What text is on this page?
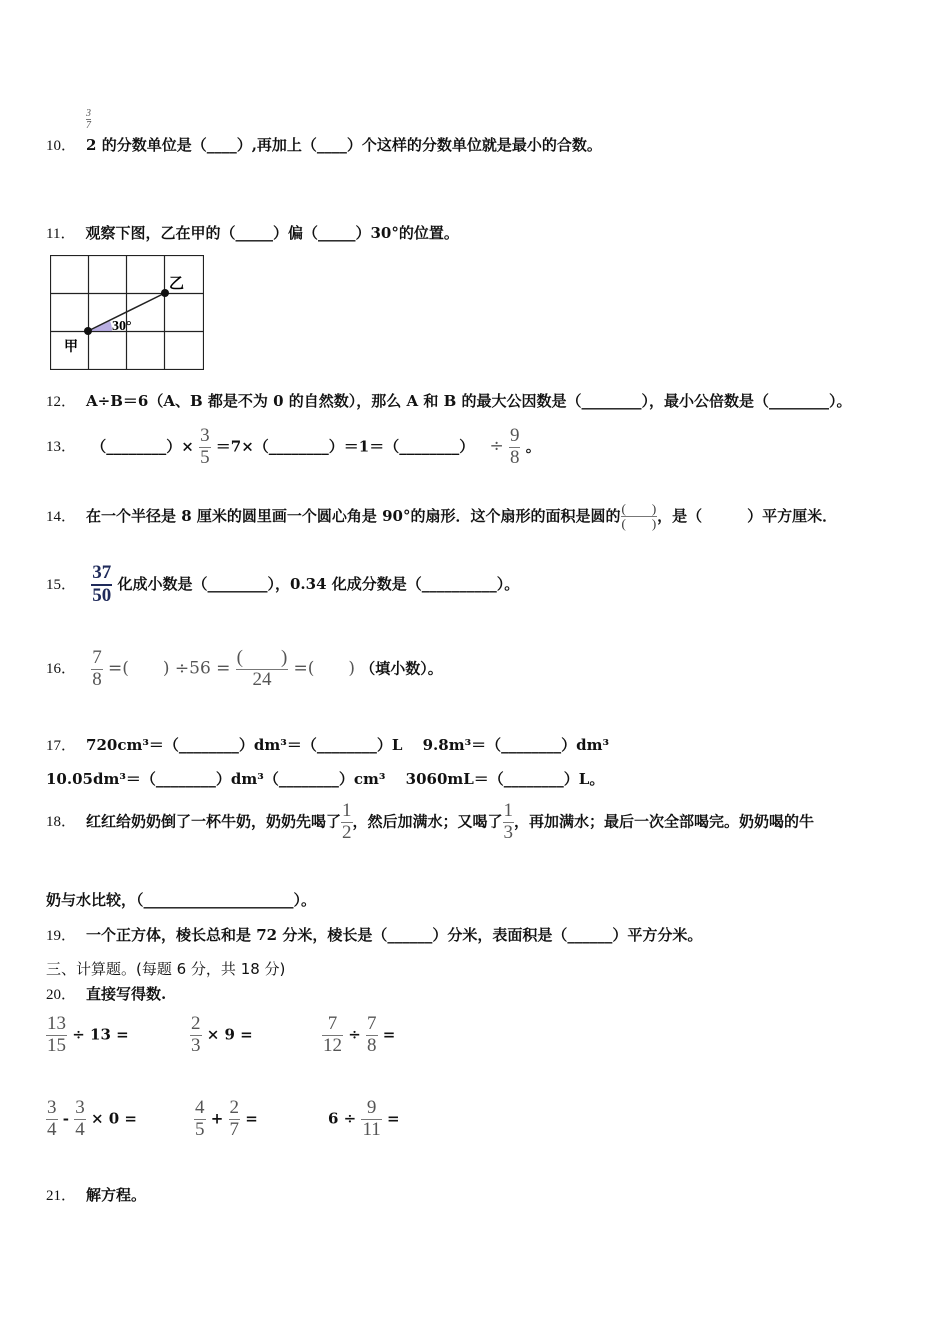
$\frac{3}{7}$
10． 2 的分数单位是（____）,再加上（____）个这样的分数单位就是最小的合数。
11． 观察下图，乙在甲的（_____）偏（_____）30°的位置。
乙
甲
30°
12． A÷B＝6（A、B 都是不为 0 的自然数），那么 A 和 B 的最大公因数是（________），最小公倍数是（________）。
13． （________）× $\frac{3}{5}$ ＝7×（________）＝1＝（________） ÷ $\frac{9}{8}$ 。
14． 在一个半径是 8 厘米的圆里画一个圆心角是 90°的扇形．这个扇形的面积是圆的 $\frac{( )}{( )}$ ，是（　　　）平方厘米．
15． $\frac{37}{50}$ 化成小数是（________），0.34 化成分数是（__________）。
16． $\frac{7}{8}$ =(　　) $\div 56 = \frac{( )}{24}$ =(　　) （填小数）。
17． 720cm³＝（________）dm³＝（________）L　 9.8m³＝（________）dm³
10.05dm³＝（________）dm³（________）cm³　 3060mL＝（________）L。
18． 红红给奶奶倒了一杯牛奶，奶奶先喝了 $\frac{1}{2}$ ，然后加满水；又喝了 $\frac{1}{3}$ ，再加满水；最后一次全部喝完。奶奶喝的牛
奶与水比较，（____________________）。
19． 一个正方体，棱长总和是 72 分米，棱长是（______）分米，表面积是（______）平方分米。
三、计算题。(每题 6 分，共 18 分)
20． 直接写得数.
$\frac{13}{15} \div 13$ =	$\frac{2}{3} \times 9$ =	$\frac{7}{12} \div \frac{7}{8}$ =
$\frac{3}{4} - \frac{3}{4} \times 0$ =	$\frac{4}{5} + \frac{2}{7}$ =	$6 \div \frac{9}{11}$ =
21． 解方程。
